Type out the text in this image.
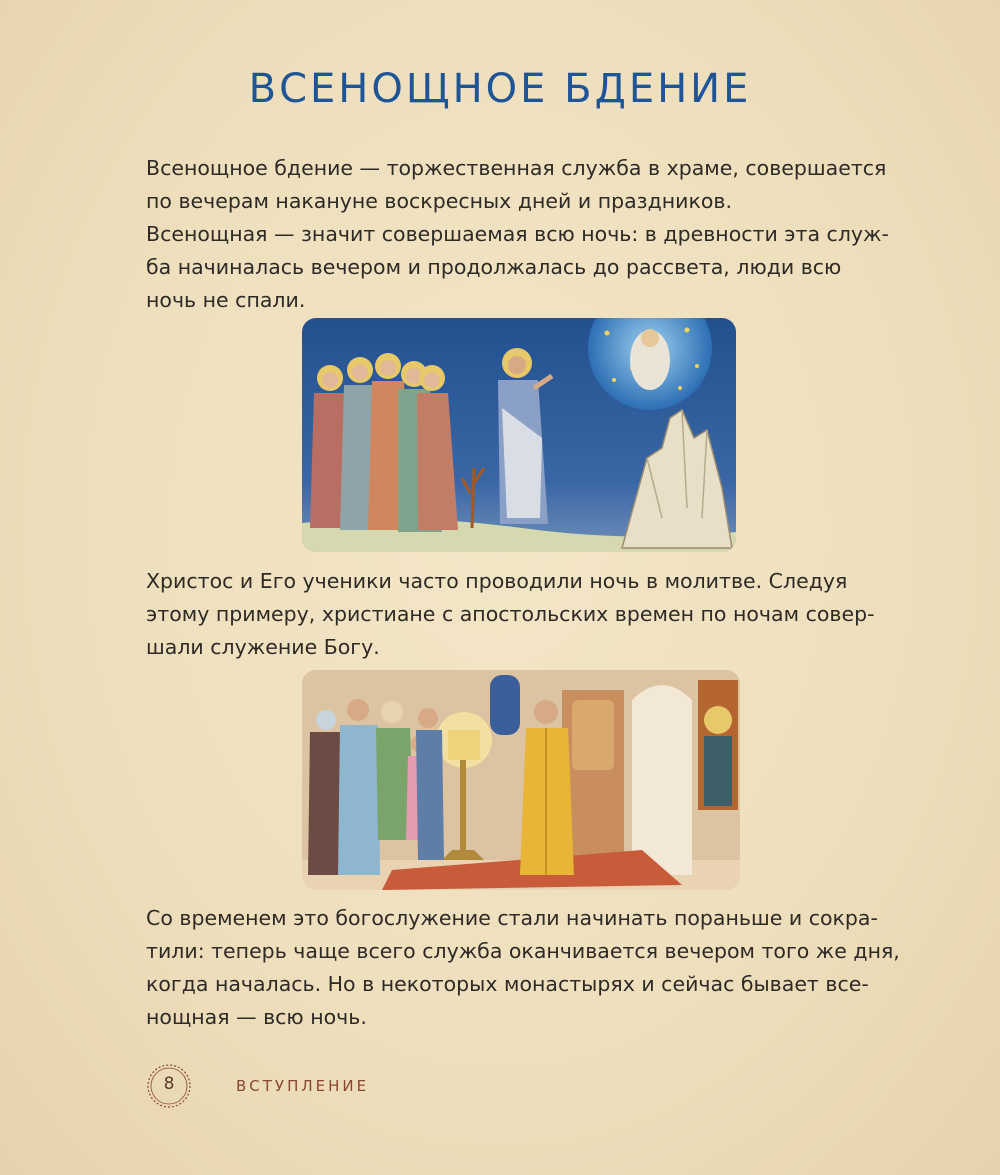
ВСЕНОЩНОЕ БДЕНИЕ
Всенощное бдение — торжественная служба в храме, совершается
по вечерам накануне воскресных дней и праздников.
Всенощная — значит совершаемая всю ночь: в древности эта служ-
ба начиналась вечером и продолжалась до рассвета, люди всю
ночь не спали.
Христос и Его ученики часто проводили ночь в молитве. Следуя
этому примеру, христиане с апостольских времен по ночам совер-
шали служение Богу.
Со временем это богослужение стали начинать пораньше и сокра-
тили: теперь чаще всего служба оканчивается вечером того же дня,
когда началась. Но в некоторых монастырях и сейчас бывает все-
нощная — всю ночь.
8	ВСТУПЛЕНИЕ
